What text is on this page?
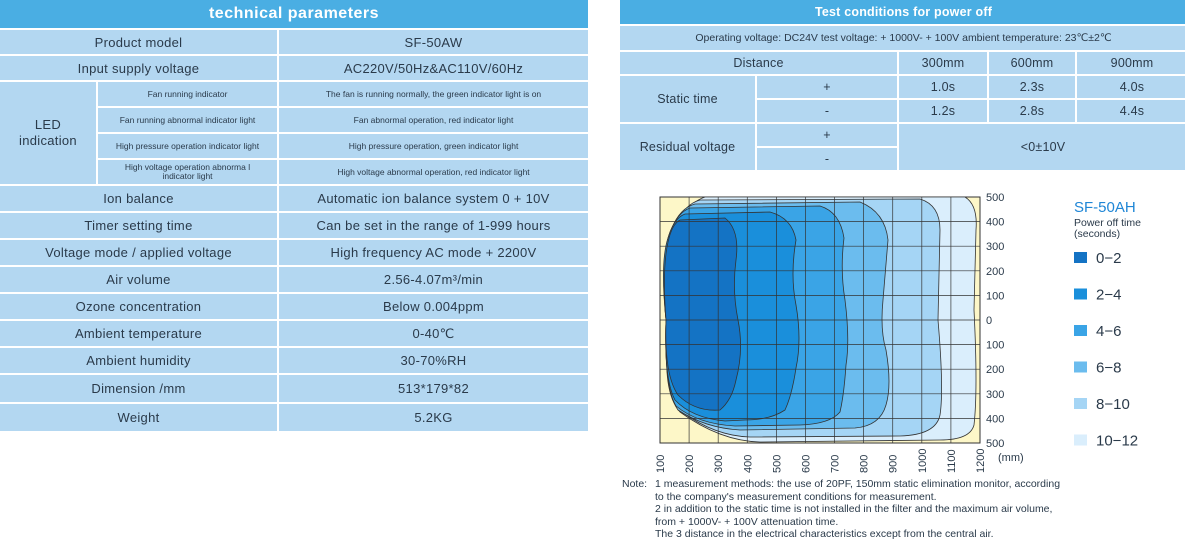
technical parameters		
Product model		SF-50AW
Input supply voltage		AC220V/50Hz&AC110V/60Hz
LED indication	Fan running indicator	The fan is running normally, the green indicator light is on
	Fan running abnormal indicator light	Fan abnormal operation, red indicator light
	High pressure operation indicator light	High pressure operation, green indicator light
	High voltage operation abnorma l indicator light	High voltage abnormal operation, red indicator light
Ion balance		Automatic ion balance system 0 + 10V
Timer setting time		Can be set in the range of 1-999 hours
Voltage mode / applied voltage		High frequency AC mode + 2200V
Air volume		2.56-4.07m³/min
Ozone concentration		Below 0.004ppm
Ambient temperature		0-40℃
Ambient humidity		30-70%RH
Dimension /mm		513*179*82
Weight		5.2KG
Test conditions for power off				
Operating voltage: DC24V test voltage: + 1000V- + 100V ambient temperature: 23℃±2℃				
Distance		300mm	600mm	900mm
Static time	+	1.0s	2.3s	4.0s
	-	1.2s	2.8s	4.4s
Residual voltage	+	<0±10V		
	-			
500
400
300
200
100
0
100
200
300
400
500
100 200 300 400 500 600 700 800 900 1000 1100 1200 (mm)
SF-50AH
Power off time
(seconds)
0−2
2−4
4−6
6−8
8−10
10−12
Note: 1 measurement methods: the use of 20PF, 150mm static elimination monitor, according
to the company's measurement conditions for measurement.
2 in addition to the static time is not installed in the filter and the maximum air volume,
from + 1000V- + 100V attenuation time.
The 3 distance in the electrical characteristics except from the central air.
